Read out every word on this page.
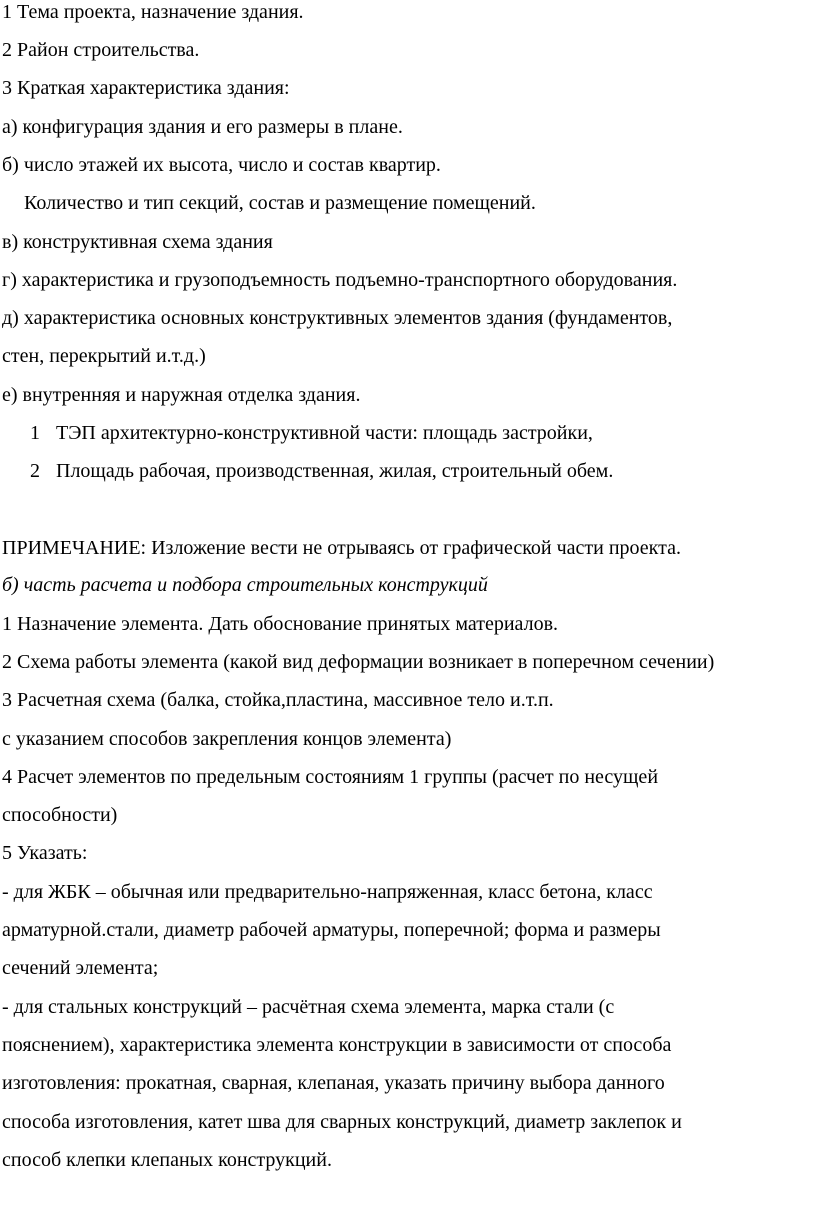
1 Тема проекта, назначение здания.
2 Район строительства.
3 Краткая характеристика здания:
а) конфигурация здания и его размеры в плане.
б) число этажей их высота, число и состав квартир.
Количество и тип секций, состав и размещение помещений.
в) конструктивная схема здания
г) характеристика и грузоподъемность подъемно-транспортного оборудования.
д) характеристика основных конструктивных элементов здания (фундаментов,
стен, перекрытий и.т.д.)
е) внутренняя и наружная отделка здания.
1 ТЭП архитектурно-конструктивной части: площадь застройки,
2 Площадь рабочая, производственная, жилая, строительный обем.
ПРИМЕЧАНИЕ: Изложение вести не отрываясь от графической части проекта.
б) часть расчета и подбора строительных конструкций
1 Назначение элемента. Дать обоснование принятых материалов.
2 Схема работы элемента (какой вид деформации возникает в поперечном сечении)
3 Расчетная схема (балка, стойка,пластина, массивное тело и.т.п.
с указанием способов закрепления концов элемента)
4 Расчет элементов по предельным состояниям 1 группы (расчет по несущей
способности)
5 Указать:
- для ЖБК – обычная или предварительно-напряженная, класс бетона, класс
арматурной.стали, диаметр рабочей арматуры, поперечной; форма и размеры
сечений элемента;
- для стальных конструкций – расчётная схема элемента, марка стали (с
пояснением), характеристика элемента конструкции в зависимости от способа
изготовления: прокатная, сварная, клепаная, указать причину выбора данного
способа изготовления, катет шва для сварных конструкций, диаметр заклепок и
способ клепки клепаных конструкций.
